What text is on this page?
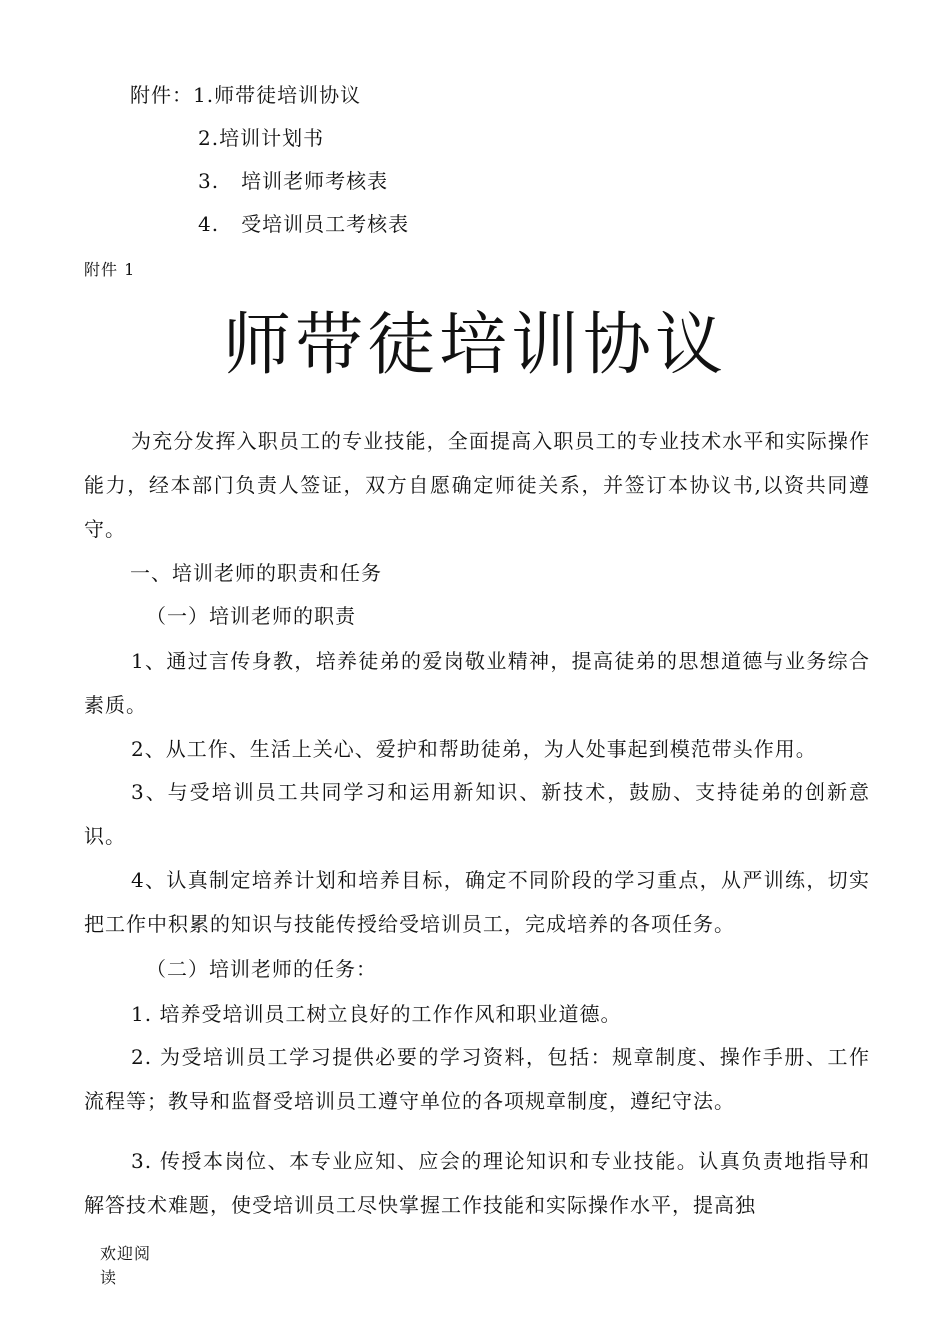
附件：1.师带徒培训协议
2.培训计划书
3.   培训老师考核表
4.   受培训员工考核表
附件 1
师带徒培训协议
为充分发挥入职员工的专业技能，全面提高入职员工的专业技术水平和实际操作能力，经本部门负责人签证，双方自愿确定师徒关系，并签订本协议书,以资共同遵守。
一、培训老师的职责和任务
（一）培训老师的职责
1、通过言传身教，培养徒弟的爱岗敬业精神，提高徒弟的思想道德与业务综合素质。
2、从工作、生活上关心、爱护和帮助徒弟，为人处事起到模范带头作用。
3、与受培训员工共同学习和运用新知识、新技术，鼓励、支持徒弟的创新意识。
4、认真制定培养计划和培养目标，确定不同阶段的学习重点，从严训练，切实把工作中积累的知识与技能传授给受培训员工，完成培养的各项任务。
（二）培训老师的任务：
1. 培养受培训员工树立良好的工作作风和职业道德。
2. 为受培训员工学习提供必要的学习资料，包括：规章制度、操作手册、工作流程等；教导和监督受培训员工遵守单位的各项规章制度，遵纪守法。
3. 传授本岗位、本专业应知、应会的理论知识和专业技能。认真负责地指导和解答技术难题，使受培训员工尽快掌握工作技能和实际操作水平，提高独
欢迎阅读
